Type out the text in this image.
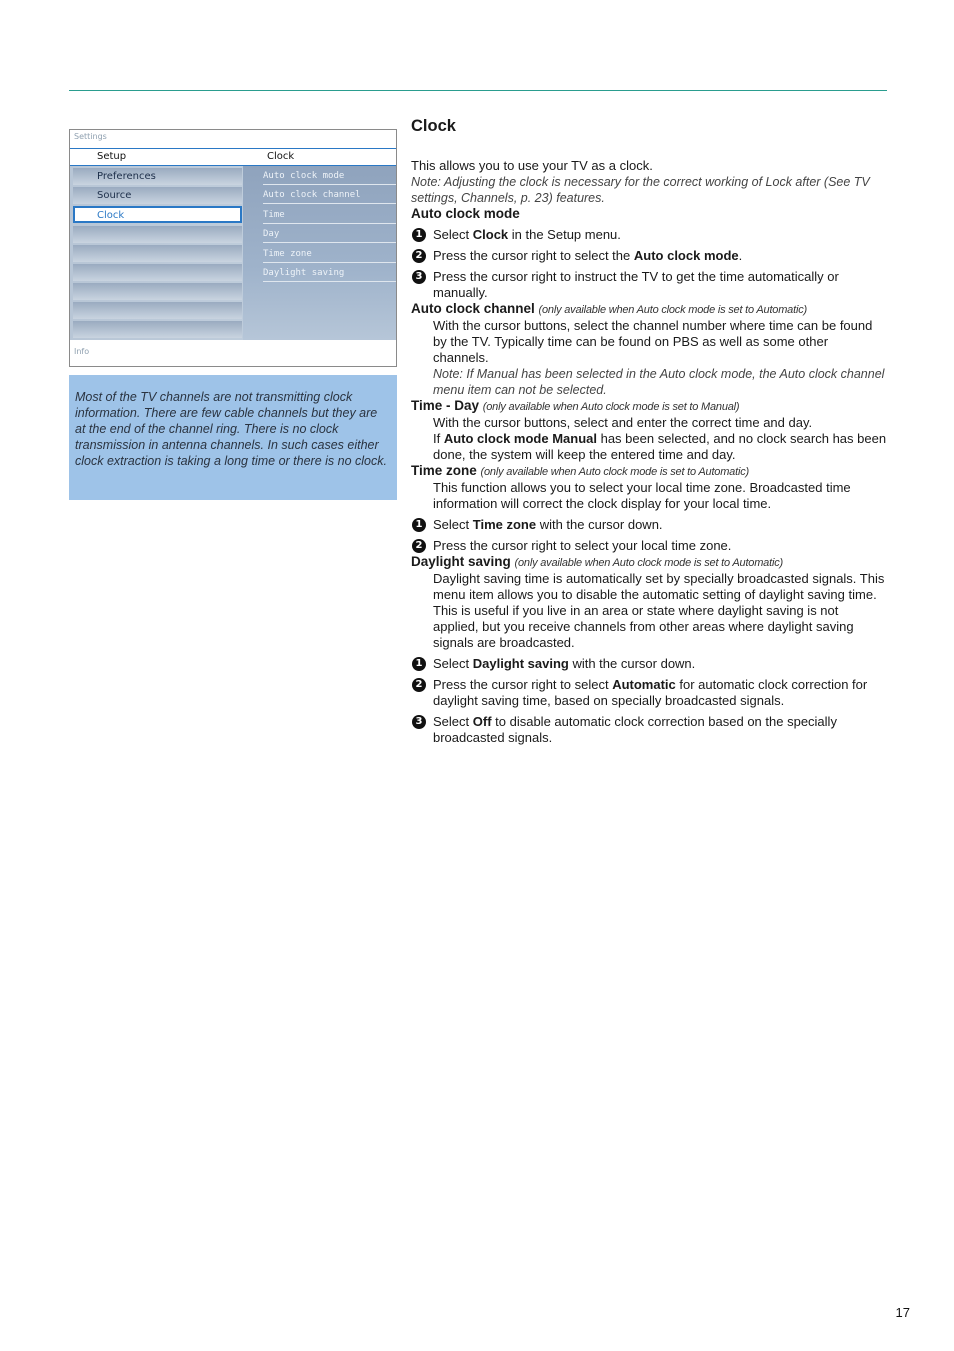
Settings
Setup	Clock
Preferences
Source
Clock
Auto clock mode
Auto clock channel
Time
Day
Time zone
Daylight saving
Info

Most of the TV channels are not transmitting clock information. There are few cable channels but they are at the end of the channel ring. There is no clock transmission in antenna channels. In such cases either clock extraction is taking a long time or there is no clock.

Clock

This allows you to use your TV as a clock.

Note: Adjusting the clock is necessary for the correct working of Lock after (See TV settings, Channels, p. 23) features.

Auto clock mode

1 Select Clock in the Setup menu.
2 Press the cursor right to select the Auto clock mode.
3 Press the cursor right to instruct the TV to get the time automatically or manually.

Auto clock channel (only available when Auto clock mode is set to Automatic)

With the cursor buttons, select the channel number where time can be found by the TV. Typically time can be found on PBS as well as some other channels.

Note: If Manual has been selected in the Auto clock mode, the Auto clock channel menu item can not be selected.

Time - Day (only available when Auto clock mode is set to Manual)

With the cursor buttons, select and enter the correct time and day.

If Auto clock mode Manual has been selected, and no clock search has been done, the system will keep the entered time and day.

Time zone (only available when Auto clock mode is set to Automatic)

This function allows you to select your local time zone. Broadcasted time information will correct the clock display for your local time.

1 Select Time zone with the cursor down.
2 Press the cursor right to select your local time zone.

Daylight saving (only available when Auto clock mode is set to Automatic)

Daylight saving time is automatically set by specially broadcasted signals. This menu item allows you to disable the automatic setting of daylight saving time. This is useful if you live in an area or state where daylight saving is not applied, but you receive channels from other areas where daylight saving signals are broadcasted.

1 Select Daylight saving with the cursor down.
2 Press the cursor right to select Automatic for automatic clock correction for daylight saving time, based on specially broadcasted signals.
3 Select Off to disable automatic clock correction based on the specially broadcasted signals.
17
